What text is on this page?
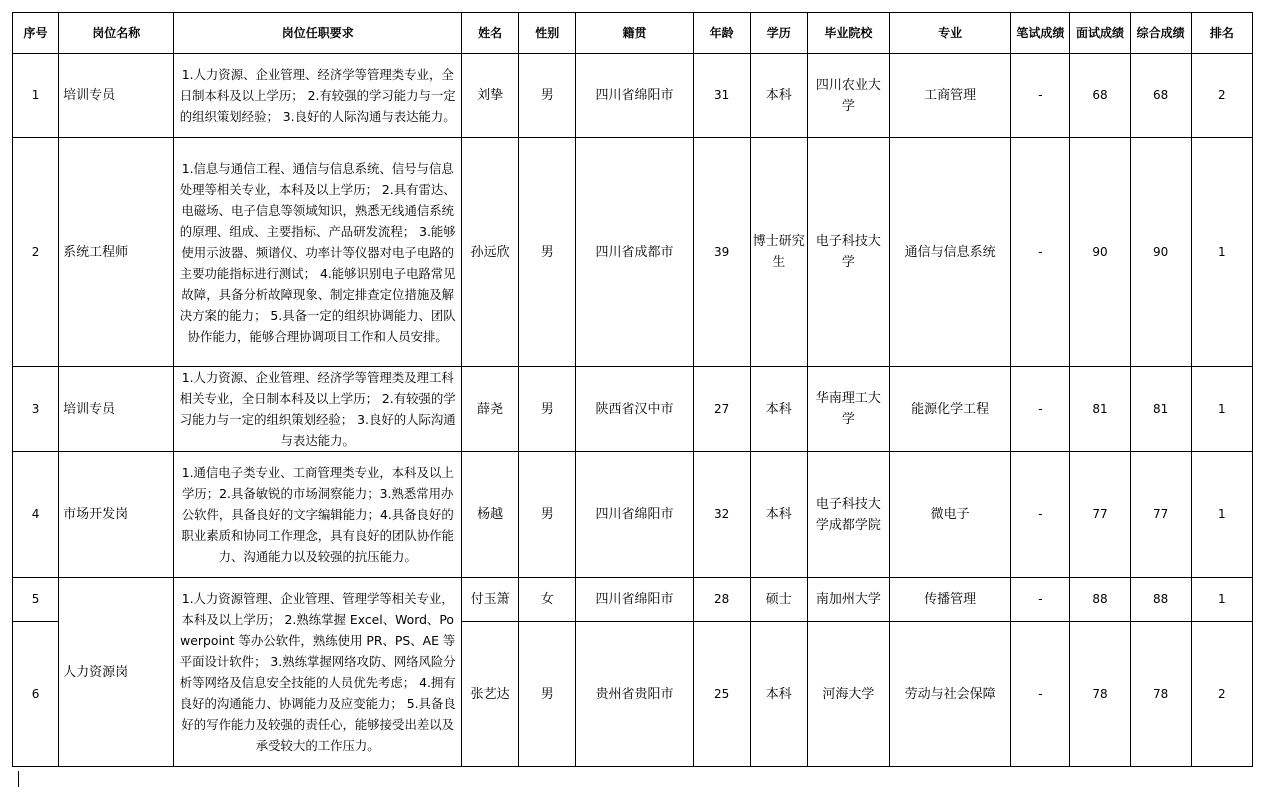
序号	岗位名称	岗位任职要求	姓名	性别	籍贯	年龄	学历	毕业院校	专业	笔试成绩	面试成绩	综合成绩	排名
1	培训专员	1.人力资源、企业管理、经济学等管理类专业，全日制本科及以上学历； 2.有较强的学习能力与一定的组织策划经验； 3.良好的人际沟通与表达能力。	刘挚	男	四川省绵阳市	31	本科	四川农业大学	工商管理	-	68	68	2
2	系统工程师	1.信息与通信工程、通信与信息系统、信号与信息处理等相关专业，本科及以上学历； 2.具有雷达、电磁场、电子信息等领域知识，熟悉无线通信系统的原理、组成、主要指标、产品研发流程； 3.能够使用示波器、频谱仪、功率计等仪器对电子电路的主要功能指标进行测试； 4.能够识别电子电路常见故障，具备分析故障现象、制定排查定位措施及解决方案的能力； 5.具备一定的组织协调能力、团队协作能力，能够合理协调项目工作和人员安排。	孙远欣	男	四川省成都市	39	博士研究生	电子科技大学	通信与信息系统	-	90	90	1
3	培训专员	1.人力资源、企业管理、经济学等管理类及理工科相关专业，全日制本科及以上学历； 2.有较强的学习能力与一定的组织策划经验； 3.良好的人际沟通与表达能力。	薛尧	男	陕西省汉中市	27	本科	华南理工大学	能源化学工程	-	81	81	1
4	市场开发岗	1.通信电子类专业、工商管理类专业，本科及以上学历；2.具备敏锐的市场洞察能力；3.熟悉常用办公软件，具备良好的文字编辑能力；4.具备良好的职业素质和协同工作理念，具有良好的团队协作能力、沟通能力以及较强的抗压能力。	杨越	男	四川省绵阳市	32	本科	电子科技大学成都学院	微电子	-	77	77	1
5	人力资源岗	1.人力资源管理、企业管理、管理学等相关专业，本科及以上学历； 2.熟练掌握 Excel、Word、Powerpoint 等办公软件，熟练使用 PR、PS、AE 等平面设计软件； 3.熟练掌握网络攻防、网络风险分析等网络及信息安全技能的人员优先考虑； 4.拥有良好的沟通能力、协调能力及应变能力； 5.具备良好的写作能力及较强的责任心，能够接受出差以及承受较大的工作压力。	付玉箫	女	四川省绵阳市	28	硕士	南加州大学	传播管理	-	88	88	1
6			张艺达	男	贵州省贵阳市	25	本科	河海大学	劳动与社会保障	-	78	78	2
